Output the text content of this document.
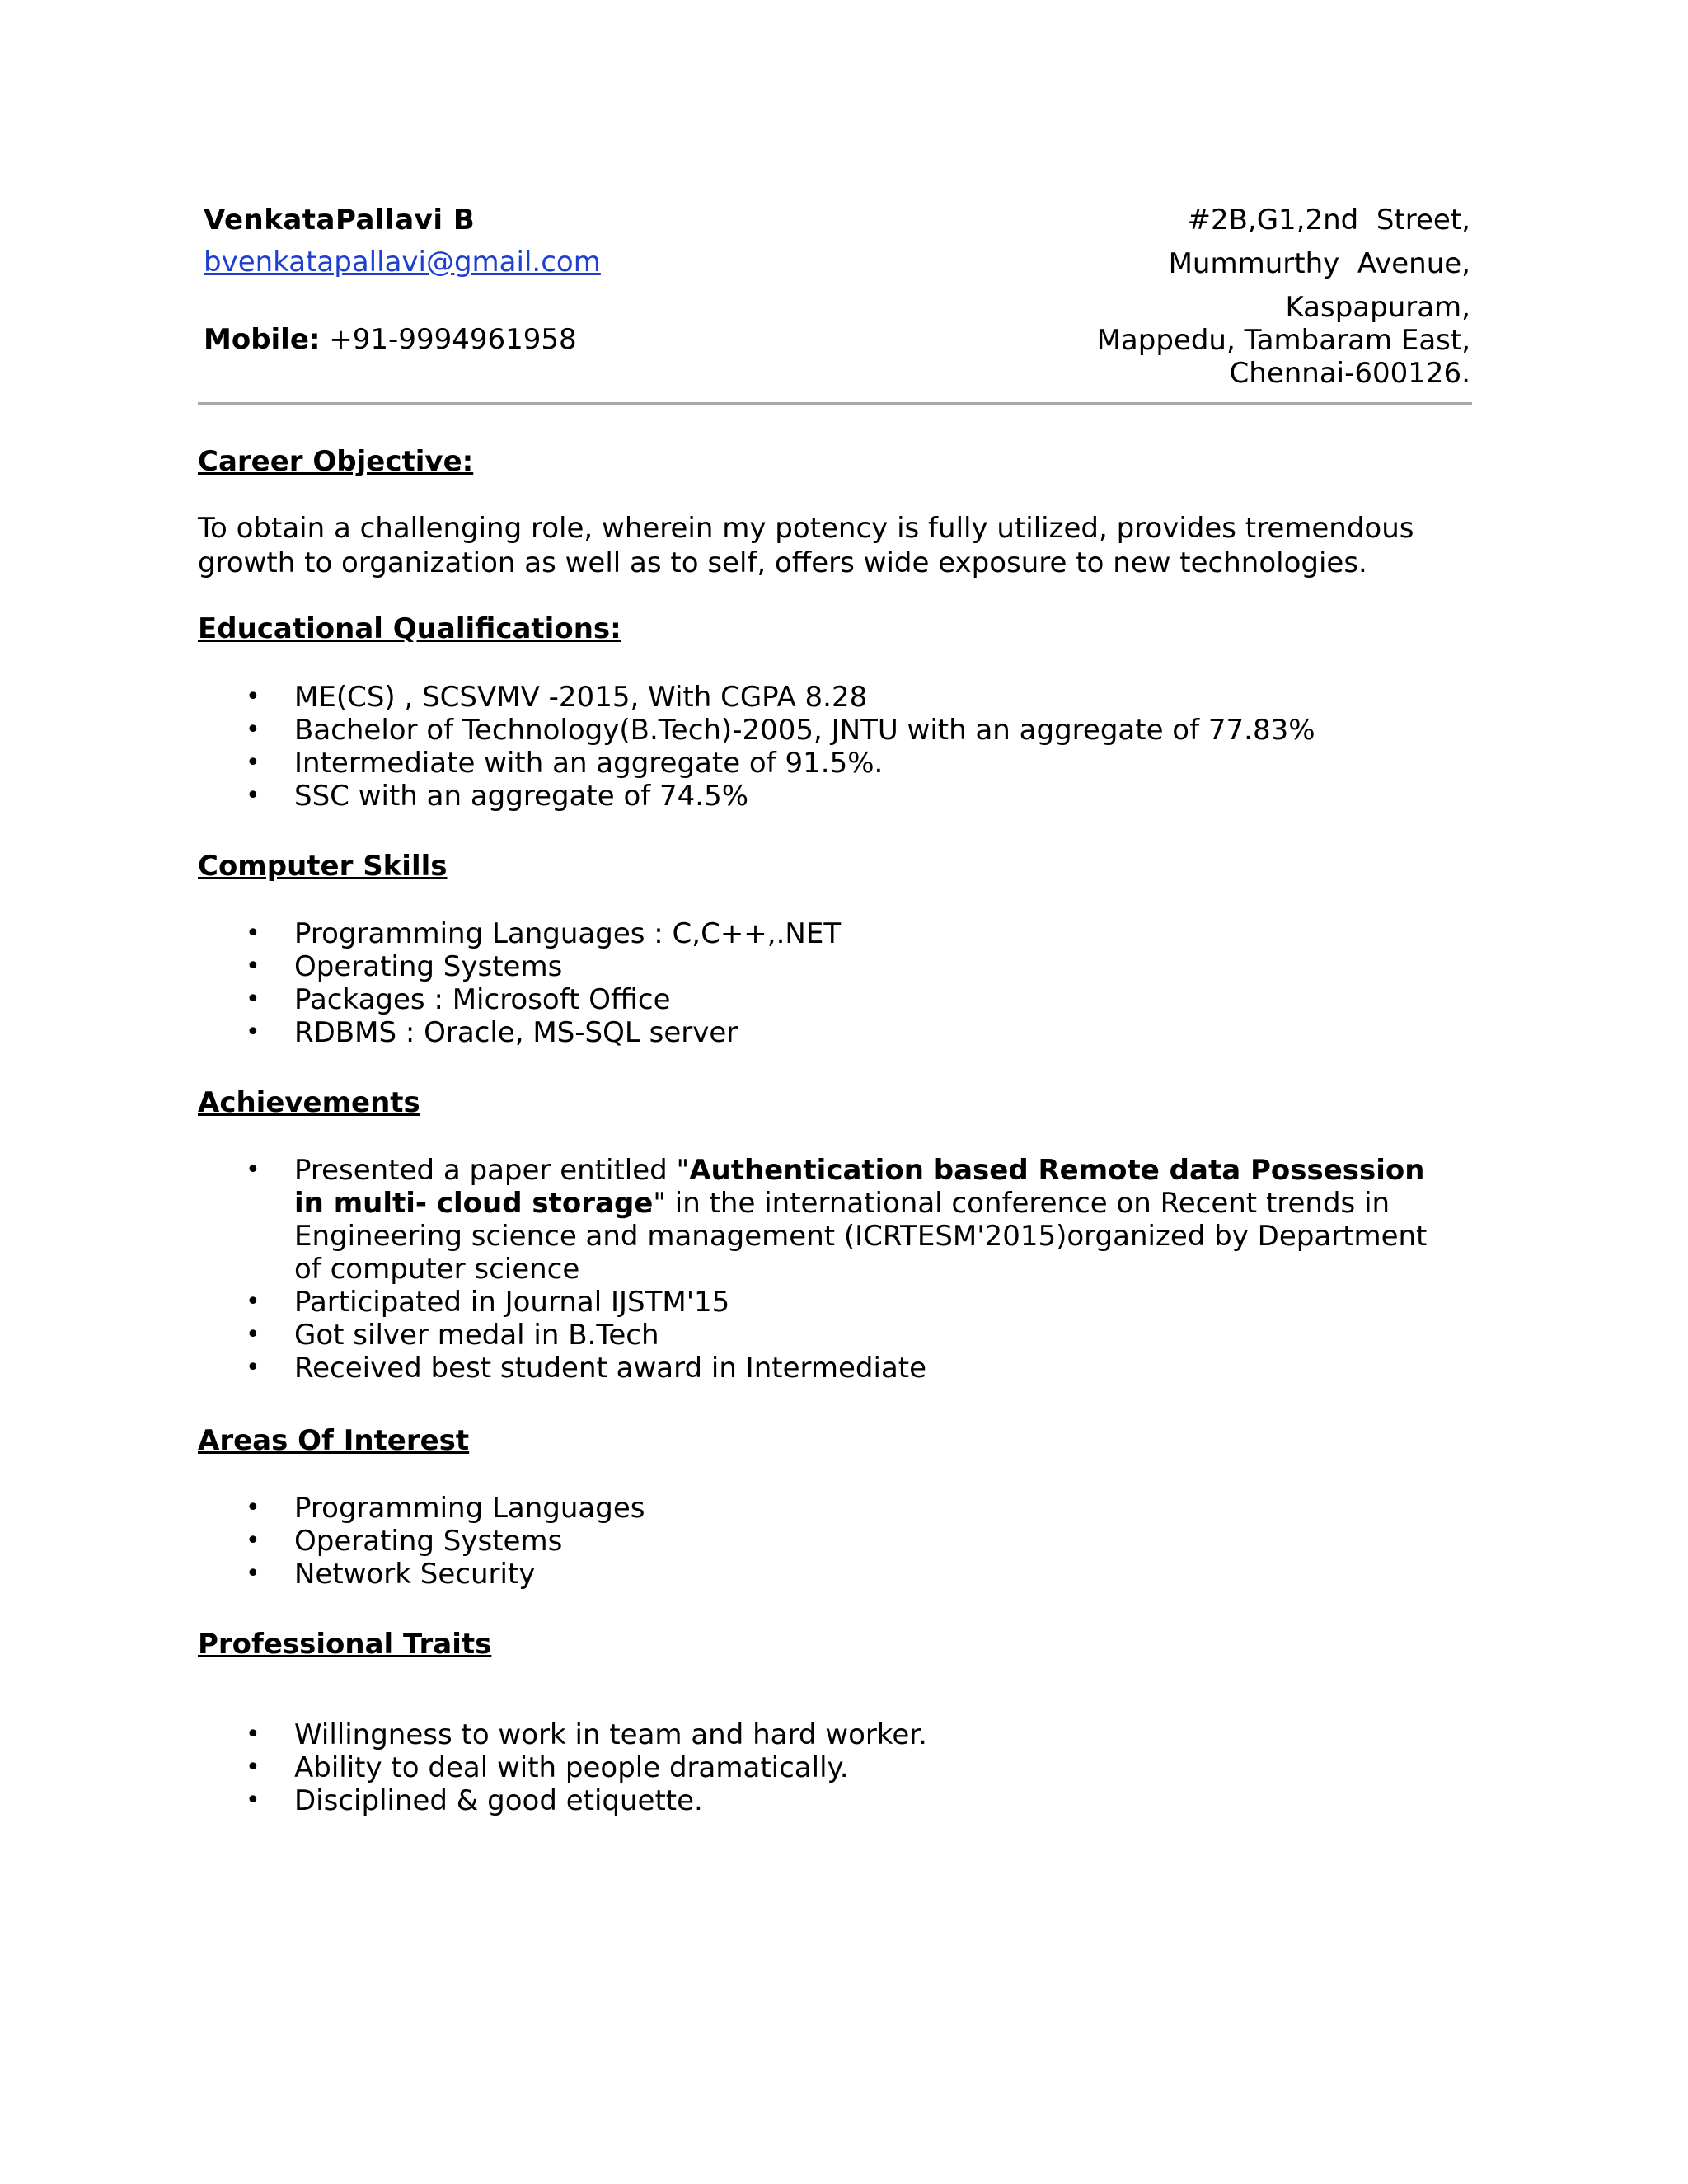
VenkataPallavi B
bvenkatapallavi@gmail.com
Mobile: +91-9994961958
#2B,G1,2nd  Street,
Mummurthy  Avenue,
Kaspapuram,
Mappedu, Tambaram East,
Chennai-600126.
Career Objective:
To obtain a challenging role, wherein my potency is fully utilized, provides tremendous
growth to organization as well as to self, offers wide exposure to new technologies.
Educational Qualifications:
• ME(CS) , SCSVMV -2015, With CGPA 8.28
• Bachelor of Technology(B.Tech)-2005, JNTU with an aggregate of 77.83%
• Intermediate with an aggregate of 91.5%.
• SSC with an aggregate of 74.5%
Computer Skills
• Programming Languages : C,C++,.NET
• Operating Systems
• Packages : Microsoft Office
• RDBMS : Oracle, MS-SQL server
Achievements
• Presented a paper entitled "Authentication based Remote data Possession in multi- cloud storage" in the international conference on Recent trends in Engineering science and management (ICRTESM'2015)organized by Department of computer science
• Participated in Journal IJSTM'15
• Got silver medal in B.Tech
• Received best student award in Intermediate
Areas Of Interest
• Programming Languages
• Operating Systems
• Network Security
Professional Traits
• Willingness to work in team and hard worker.
• Ability to deal with people dramatically.
• Disciplined & good etiquette.
